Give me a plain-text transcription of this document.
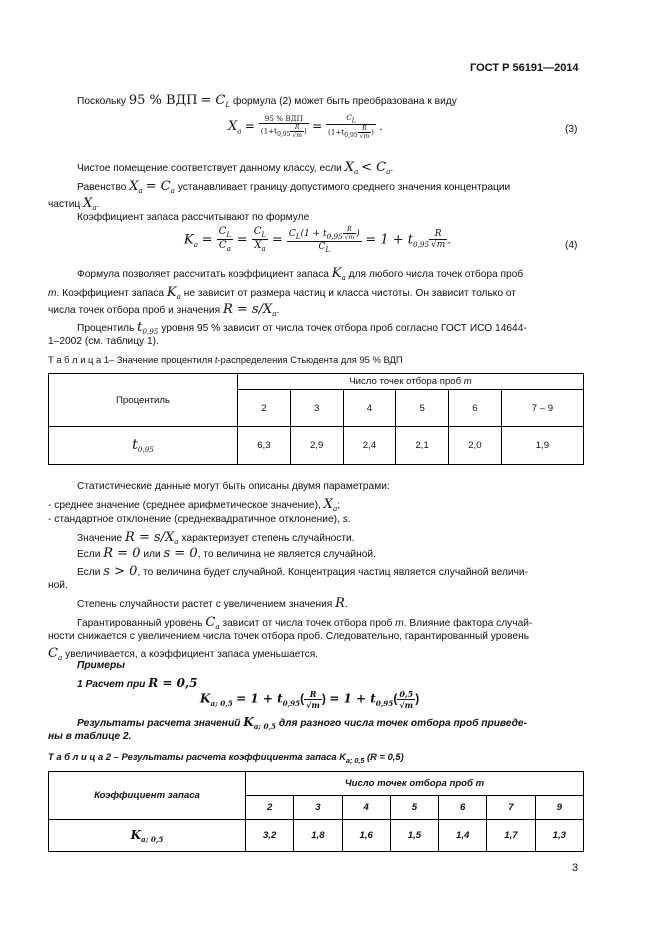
ГОСТ Р 56191—2014
Поскольку 95 % ВДП = $C_L$ формула (2) может быть преобразована к виду
$X_a = \frac{\text{95 \% ВДП}}{(1+t_{0,95} \frac{R}{√m} )} = \frac{C_L}{(1+t_{0,95} \frac{R}{√m} )}$ .	(3)
Чистое помещение соответствует данному классу, если $X_a < C_a$.
Равенство $X_a = C_a$ устанавливает границу допустимого среднего значения концентрации
частиц $X_a$.
Коэффициент запаса рассчитывают по формуле
$K_a = \frac{C_L}{C_a} = \frac{C_L}{X_a} = \frac{C_L(1 + t_{0,95} \frac{R}{√m} )}{C_L} = 1 + t_{0,95} \frac{R}{√m}$ .	(4)
Формула позволяет рассчитать коэффициент запаса $K_a$ для любого числа точек отбора проб
m. Коэффициент запаса $K_a$ не зависит от размера частиц и класса чистоты. Он зависит только от
числа точек отбора проб и значения $R = s/X_a$.
Процентиль $t_{0,95}$ уровня 95 % зависит от числа точек отбора проб согласно ГОСТ ИСО 14644-
1–2002 (см. таблицу 1).
Т а б л и ц а 1– Значение процентиля t-распределения Стьюдента для 95 % ВДП
Процентиль	Число точек отбора проб m					
	2	3	4	5	6	7 – 9
$t_{0,95}$	6,3	2,9	2,4	2,1	2,0	1,9
Статистические данные могут быть описаны двумя параметрами:
- среднее значение (среднее арифметическое значение), $X_a$;
- стандартное отклонение (среднеквадратичное отклонение), s.
Значение $R = s/X_a$ характеризует степень случайности.
Если R = 0 или s = 0, то величина не является случайной.
Если s > 0, то величина будет случайной. Концентрация частиц является случайной величи-
ной.
Степень случайности растет с увеличением значения R.
Гарантированный уровень $C_a$ зависит от числа точек отбора проб m. Влияние фактора случай-
ности снижается с увеличением числа точек отбора проб. Следовательно, гарантированный уровень
$C_a$ увеличивается, а коэффициент запаса уменьшается.
Примеры
1 Расчет при R = 0,5
$K_{a; 0,5} = 1 + t_{0,95}( \frac{R}{√m}$ ) = $1 + t_{0,95}( \frac{0,5}{√m}$ )
Результаты расчета значений $K_{a; 0,5}$ для разного числа точек отбора проб приведе-
ны в таблице 2.
Т а б л и ц а 2 – Результаты расчета коэффициента запаса $K_{a; 0,5}$ (R = 0,5)
Коэффициент запаса	Число точек отбора проб m						
	2	3	4	5	6	7	9
$K_{a; 0,5}$	3,2	1,8	1,6	1,5	1,4	1,7	1,3
3
